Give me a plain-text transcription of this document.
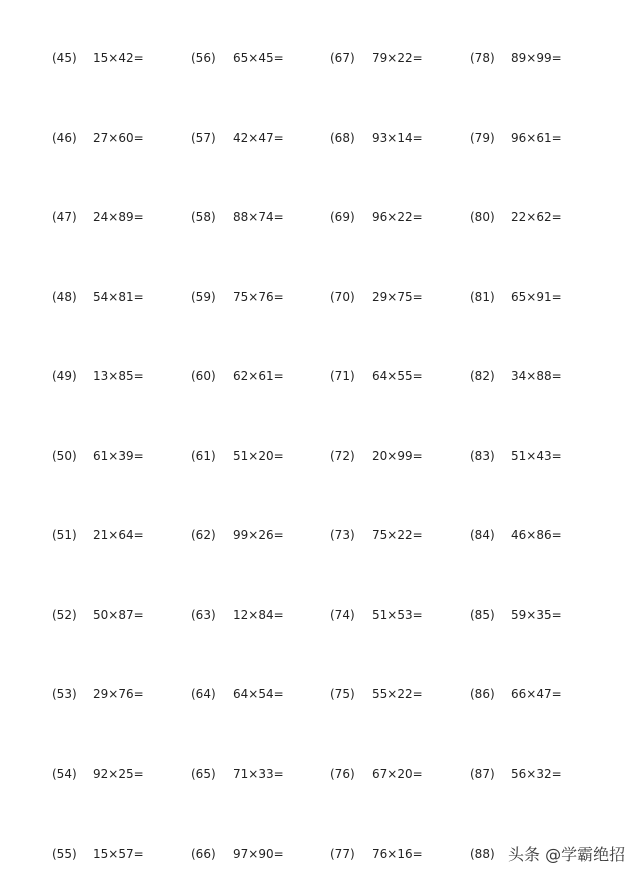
(45)	15×42=	(56)	65×45=	(67)	79×22=	(78)	89×99=
(46)	27×60=	(57)	42×47=	(68)	93×14=	(79)	96×61=
(47)	24×89=	(58)	88×74=	(69)	96×22=	(80)	22×62=
(48)	54×81=	(59)	75×76=	(70)	29×75=	(81)	65×91=
(49)	13×85=	(60)	62×61=	(71)	64×55=	(82)	34×88=
(50)	61×39=	(61)	51×20=	(72)	20×99=	(83)	51×43=
(51)	21×64=	(62)	99×26=	(73)	75×22=	(84)	46×86=
(52)	50×87=	(63)	12×84=	(74)	51×53=	(85)	59×35=
(53)	29×76=	(64)	64×54=	(75)	55×22=	(86)	66×47=
(54)	92×25=	(65)	71×33=	(76)	67×20=	(87)	56×32=
(55)	15×57=	(66)	97×90=	(77)	76×16=	(88) 头条 @学霸绝招
